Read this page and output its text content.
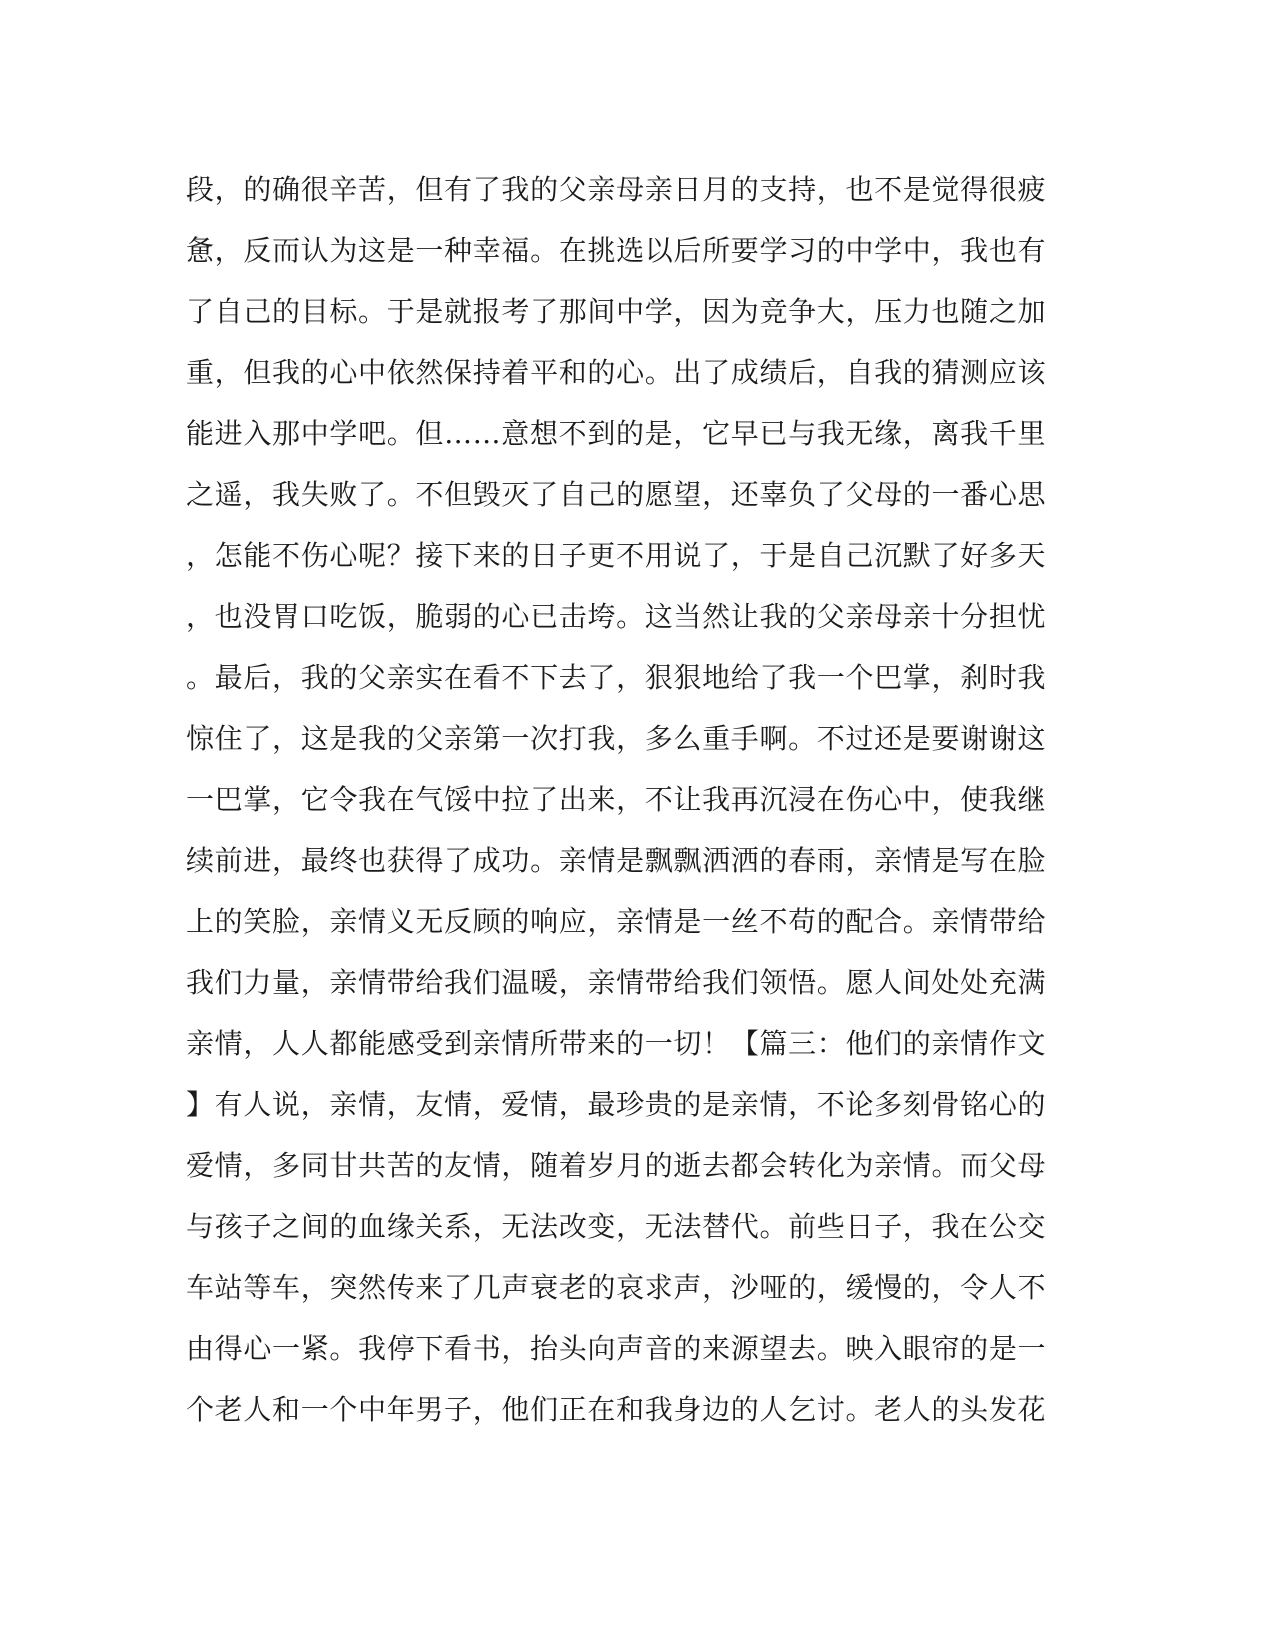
段，的确很辛苦，但有了我的父亲母亲日月的支持，也不是觉得很疲
惫，反而认为这是一种幸福。在挑选以后所要学习的中学中，我也有
了自己的目标。于是就报考了那间中学，因为竞争大，压力也随之加
重，但我的心中依然保持着平和的心。出了成绩后，自我的猜测应该
能进入那中学吧。但……意想不到的是，它早已与我无缘，离我千里
之遥，我失败了。不但毁灭了自己的愿望，还辜负了父母的一番心思
，怎能不伤心呢？接下来的日子更不用说了，于是自己沉默了好多天
，也没胃口吃饭，脆弱的心已击垮。这当然让我的父亲母亲十分担忧
。最后，我的父亲实在看不下去了，狠狠地给了我一个巴掌，刹时我
惊住了，这是我的父亲第一次打我，多么重手啊。不过还是要谢谢这
一巴掌，它令我在气馁中拉了出来，不让我再沉浸在伤心中，使我继
续前进，最终也获得了成功。亲情是飘飘洒洒的春雨，亲情是写在脸
上的笑脸，亲情义无反顾的响应，亲情是一丝不苟的配合。亲情带给
我们力量，亲情带给我们温暖，亲情带给我们领悟。愿人间处处充满
亲情，人人都能感受到亲情所带来的一切！【篇三：他们的亲情作文
】有人说，亲情，友情，爱情，最珍贵的是亲情，不论多刻骨铭心的
爱情，多同甘共苦的友情，随着岁月的逝去都会转化为亲情。而父母
与孩子之间的血缘关系，无法改变，无法替代。前些日子，我在公交
车站等车，突然传来了几声衰老的哀求声，沙哑的，缓慢的，令人不
由得心一紧。我停下看书，抬头向声音的来源望去。映入眼帘的是一
个老人和一个中年男子，他们正在和我身边的人乞讨。老人的头发花
